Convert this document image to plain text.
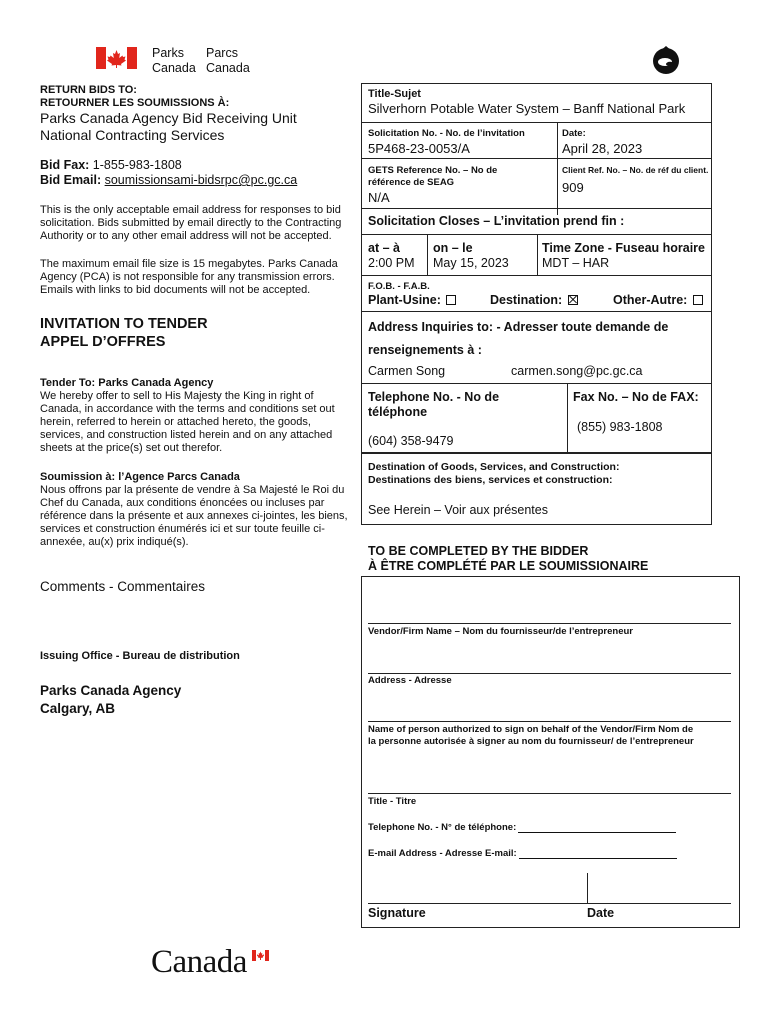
Parks
Canada
Parcs
Canada
RETURN BIDS TO:
RETOURNER LES SOUMISSIONS À:
Parks Canada Agency Bid Receiving Unit
National Contracting Services
Bid Fax: 1-855-983-1808
Bid Email: soumissionsami-bidsrpc@pc.gc.ca
This is the only acceptable email address for responses to bid solicitation. Bids submitted by email directly to the Contracting Authority or to any other email address will not be accepted.
The maximum email file size is 15 megabytes. Parks Canada Agency (PCA) is not responsible for any transmission errors. Emails with links to bid documents will not be accepted.
INVITATION TO TENDER
APPEL D’OFFRES
Tender To: Parks Canada Agency
We hereby offer to sell to His Majesty the King in right of Canada, in accordance with the terms and conditions set out herein, referred to herein or attached hereto, the goods, services, and construction listed herein and on any attached sheets at the price(s) set out therefor.
Soumission à: l’Agence Parcs Canada
Nous offrons par la présente de vendre à Sa Majesté le Roi du Chef du Canada, aux conditions énoncées ou incluses par référence dans la présente et aux annexes ci-jointes, les biens, services et construction énumérés ici et sur toute feuille ci-annexée, au(x) prix indiqué(s).
Comments - Commentaires
Issuing Office - Bureau de distribution
Parks Canada Agency
Calgary, AB
Title-Sujet
Silverhorn Potable Water System – Banff National Park
Solicitation No. - No. de l’invitation
5P468-23-0053/A
Date:
April 28, 2023
GETS Reference No. – No de référence de SEAG
N/A
Client Ref. No. – No. de réf du client.
909
Solicitation Closes – L’invitation prend fin :
at – à
2:00 PM
on – le
May 15, 2023
Time Zone - Fuseau horaire
MDT – HAR
F.O.B. - F.A.B.
Plant-Usine:	Destination:	Other-Autre:
Address Inquiries to: - Adresser toute demande de
renseignements à :
Carmen Song	carmen.song@pc.gc.ca
Telephone No. - No de téléphone
(604) 358-9479
Fax No. – No de FAX:
(855) 983-1808
Destination of Goods, Services, and Construction: Destinations des biens, services et construction:
See Herein – Voir aux présentes
TO BE COMPLETED BY THE BIDDER
À ÊTRE COMPLÉTÉ PAR LE SOUMISSIONAIRE
Vendor/Firm Name – Nom du fournisseur/de l’entrepreneur
Address - Adresse
Name of person authorized to sign on behalf of the Vendor/Firm Nom de la personne autorisée à signer au nom du fournisseur/ de l’entrepreneur
Title - Titre
Telephone No. - N° de téléphone:
E-mail Address - Adresse E-mail:
Signature	Date
Canada
